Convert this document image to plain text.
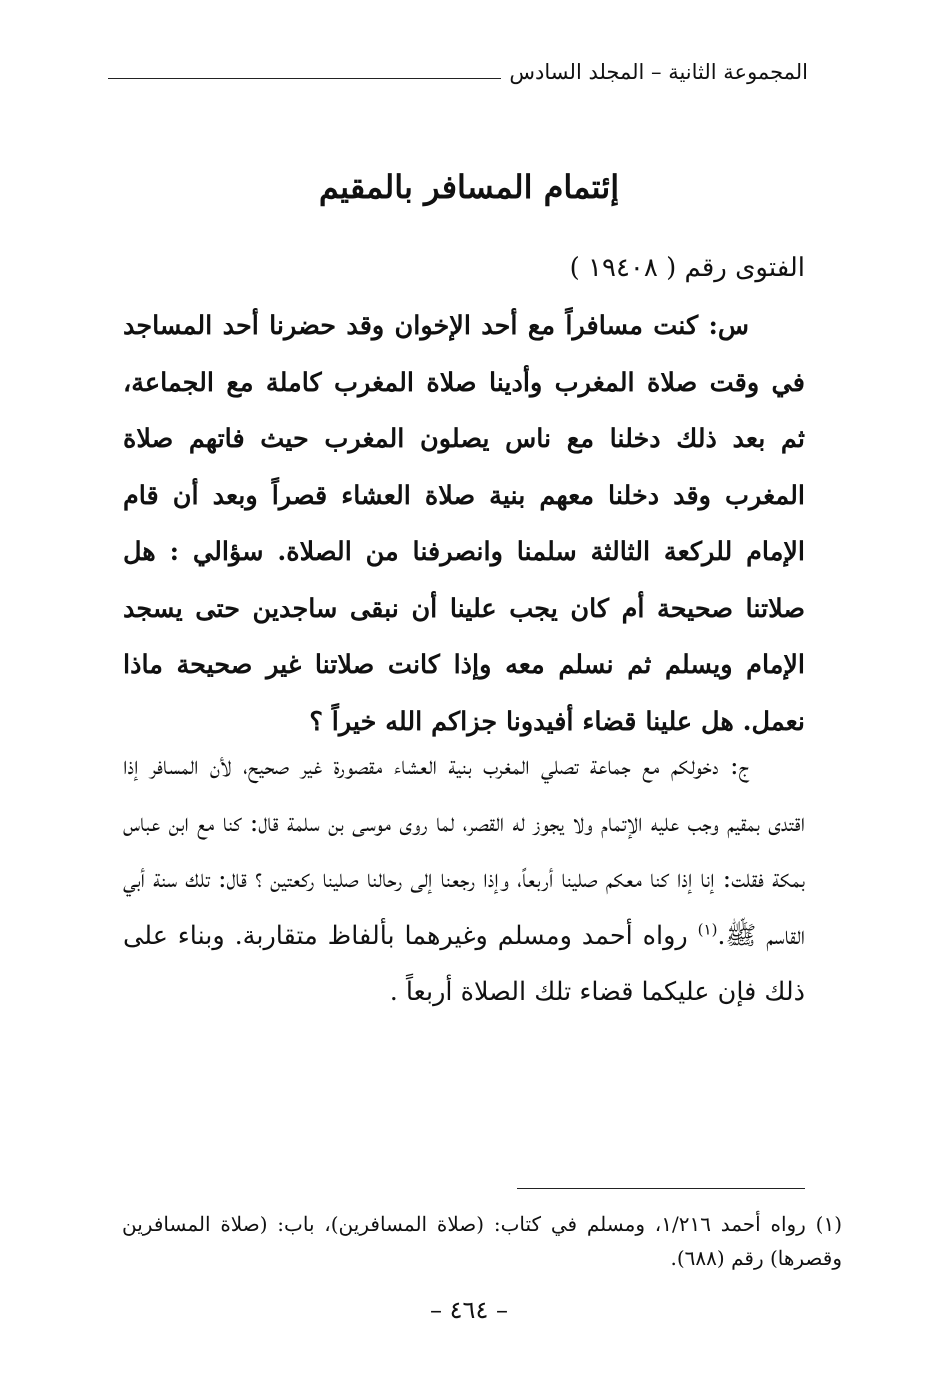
المجموعة الثانية – المجلد السادس
إئتمام المسافر بالمقيم
الفتوى رقم ( ١٩٤٠٨ )
س: كنت مسافراً مع أحد الإخوان وقد حضرنا أحد المساجد في وقت صلاة المغرب وأدينا صلاة المغرب كاملة مع الجماعة، ثم بعد ذلك دخلنا مع ناس يصلون المغرب حيث فاتهم صلاة المغرب وقد دخلنا معهم بنية صلاة العشاء قصراً وبعد أن قام الإمام للركعة الثالثة سلمنا وانصرفنا من الصلاة. سؤالي : هل صلاتنا صحيحة أم كان يجب علينا أن نبقى ساجدين حتى يسجد الإمام ويسلم ثم نسلم معه وإذا كانت صلاتنا غير صحيحة ماذا نعمل. هل علينا قضاء أفيدونا جزاكم الله خيراً ؟
ج: دخولكم مع جماعة تصلي المغرب بنية العشاء مقصورة غير صحيح، لأن المسافر إذا اقتدى بمقيم وجب عليه الإتمام ولا يجوز له القصر، لما روى موسى بن سلمة قال: كنا مع ابن عباس بمكة فقلت: إنا إذا كنا معكم صلينا أربعاً، وإذا رجعنا إلى رحالنا صلينا ركعتين ؟ قال: تلك سنة أبي القاسم ﷺ.$^{(١)}$ رواه أحمد ومسلم وغيرهما بألفاظ متقاربة. وبناء على ذلك فإن عليكما قضاء تلك الصلاة أربعاً .
(١) رواه أحمد ١/٢١٦، ومسلم في كتاب: (صلاة المسافرين)، باب: (صلاة المسافرين وقصرها) رقم (٦٨٨).
– ٤٦٤ –
